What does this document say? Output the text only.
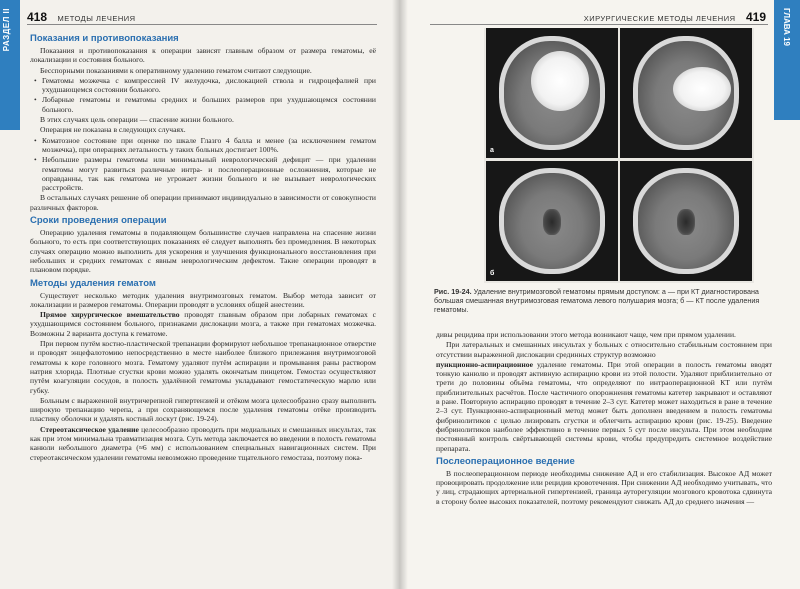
РАЗДЕЛ II 418 МЕТОДЫ ЛЕЧЕНИЯ
Показания и противопоказания
Показания и противопоказания к операции зависят главным образом от размера гематомы, её локализации и состояния больного.
Бесспорными показаниями к оперативному удалению гематом считают следующие.
• Гематомы мозжечка с компрессией IV желудочка, дислокацией ствола и гидроцефалией при ухудшающемся состоянии больного.
• Лобарные гематомы и гематомы средних и больших размеров при ухудшающемся состоянии больного.
В этих случаях цель операции — спасение жизни больного.
Операция не показана в следующих случаях.
• Коматозное состояние при оценке по шкале Глазго 4 балла и менее (за исключением гематом мозжечка), при операциях летальность у таких больных достигает 100%.
• Небольшие размеры гематомы или минимальный неврологический дефицит — при удалении гематомы могут развиться различные интра- и послеоперационные осложнения, которые не оправданны, так как гематома не угрожает жизни больного и не вызывает неврологических расстройств.
В остальных случаях решение об операции принимают индивидуально в зависимости от совокупности различных факторов.
Сроки проведения операции
Операцию удаления гематомы в подавляющем большинстве случаев направлена на спасение жизни больного, то есть при соответствующих показаниях её следует выполнять без промедления. В некоторых случаях операцию можно выполнить для ускорения и улучшения функционального восстановления при небольших и средних гематомах с явным неврологическим дефектом. Такие операции проводят в плановом порядке.
Методы удаления гематом
Существует несколько методик удаления внутримозговых гематом. Выбор метода зависит от локализации и размеров гематомы. Операции проводят в условиях общей анестезии.
Прямое хирургическое вмешательство проводят главным образом при лобарных гематомах с ухудшающимся состоянием больного, признаками дислокации мозга, а также при гематомах мозжечка. Возможны 2 варианта доступа к гематоме.
При первом путём костно-пластической трепанации формируют небольшое трепанационное отверстие и проводят энцефалотомию непосредственно в месте наиболее близкого прилежания внутримозговой гематомы к коре головного мозга. Гематому удаляют путём аспирации и промывания раны раствором натрия хлорида. Плотные сгустки крови можно удалять окончатым пинцетом. Гемостаз осуществляют путём коагуляции сосудов, в полость удалённой гематомы укладывают гемостатическую марлю или губку.
Больным с выраженной внутричерепной гипертензией и отёком мозга целесообразно сразу выполнить широкую трепанацию черепа, а при сохраняющемся после удаления гематомы отёке производить пластику оболочки и удалять костный лоскут (рис. 19-24).
Стереотаксическое удаление целесообразно проводить при медиальных и смешанных инсультах, так как при этом минимальна травматизация мозга. Суть метода заключается во введении в полость гематомы канюли небольшого диаметра (≈6 мм) с использованием специальных навигационных систем. При стереотаксическом удалении гематомы невозможно проведение тщательного гемостаза, поэтому пока-
ГЛАВА 19
ХИРУРГИЧЕСКИЕ МЕТОДЫ ЛЕЧЕНИЯ 419
а
б
Рис. 19-24. Удаление внутримозговой гематомы прямым доступом: а — при КТ диагностирована большая смешанная внутримозговая гематома левого полушария мозга; б — КТ после удаления гематомы.
дивы рецидива при использовании этого метода возникают чаще, чем при прямом удалении.
При латеральных и смешанных инсультах у больных с относительно стабильным состоянием при отсутствии выраженной дислокации срединных структур возможно
пункционно-аспирационное удаление гематомы. При этой операции в полость гематомы вводят тонкую канюлю и проводят активную аспирацию крови из этой полости. Удаляют приблизительно от трети до половины объёма гематомы, что определяют по интраоперационной КТ или путём приблизительных расчётов. После частичного опорожнения гематомы катетер закрывают и оставляют в ране. Повторную аспирацию проводят в течение 2–3 сут. Катетер может находиться в ране в течение 2–3 сут. Пункционно-аспирационный метод может быть дополнен введением в полость гематомы фибринолитиков с целью лизировать сгустки и облегчить аспирацию крови (рис. 19-25). Введение фибринолитиков наиболее эффективно в течение первых 5 сут после инсульта. При этом необходим постоянный контроль свёртывающей системы крови, чтобы предупредить системное воздействие препарата.
Послеоперационное ведение
В послеоперационном периоде необходимы снижение АД и его стабилизация. Высокое АД может провоцировать продолжение или рецидив кровотечения. При снижении АД необходимо учитывать, что у лиц, страдающих артериальной гипертензией, граница ауторегуляции мозгового кровотока сдвинута в сторону более высоких показателей, поэтому рекомендуют снижать АД до среднего значения —
